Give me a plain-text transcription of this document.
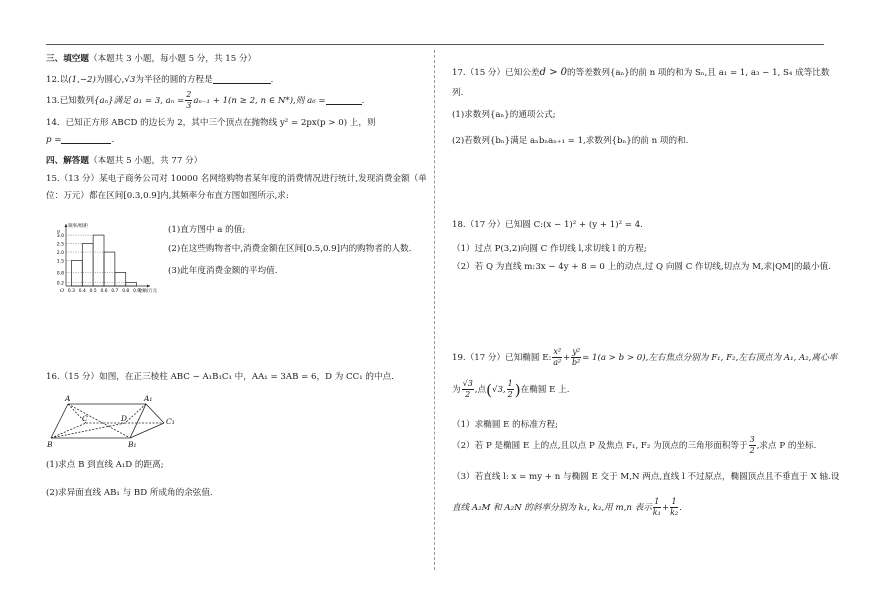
三、填空题（本题共 3 小题，每小题 5 分，共 15 分）
12.以(1,−2)为圆心,√3为半径的圆的方程是	.
13.已知数列{aₙ}满足 a₁ = 3, $a_n = \frac{2}{3} a_{n-1} + 1(n \ge 2$, n ∈ N*),则 a₆ =	.
14．已知正方形 ABCD 的边长为 2，其中三个顶点在抛物线 y² = 2px(p > 0) 上，则
p =	.
四、解答题（本题共 5 小题，共 77 分）
15.（13 分）某电子商务公司对 10000 名网络购物者某年度的消费情况进行统计,发现消费金额（单
位：万元）都在区间[0.3,0.9]内,其频率分布直方图如图所示,求:
3.0
2.5
2.0
1.5
0.8
0.2
0.3 0.4 0.5 0.6 0.7 0.8 0.9
金额/万元
频率/组距
O
a	(1)直方图中 a 的值;
(2)在这些购物者中,消费金额在区间[0.5,0.9]内的购物者的人数.
(3)此年度消费金额的平均值.
16.（15 分）如图，在正三棱柱 ABC − A₁B₁C₁ 中，AA₁ = 3AB = 6，D 为 CC₁ 的中点.
A	A₁
C	D	C₁
B	B₁
(1)求点 B 到直线 A₁D 的距离;
(2)求异面直线 AB₁ 与 BD 所成角的余弦值.
17.（15 分）已知公差d > 0的等差数列{aₙ}的前 n 项的和为 Sₙ,且 a₁ = 1, a₃ − 1, S₄ 成等比数
列.
(1)求数列{aₙ}的通项公式;
(2)若数列{bₙ}满足 aₙbₙaₙ₊₁ = 1,求数列{bₙ}的前 n 项的和.
18.（17 分）已知圆 C:(x − 1)² + (y + 1)² = 4.
（1）过点 P(3,2)向圆 C 作切线 l,求切线 l 的方程;
（2）若 Q 为直线 m:3x − 4y + 8 = 0 上的动点,过 Q 向圆 C 作切线,切点为 M,求|QM|的最小值.
19.（17 分）已知椭圆 E: $\frac{\text{x²}}{\text{a²}} + \frac{\text{y²}}{\text{b²}} = 1(a > b > 0)$,左右焦点分别为 F₁, F₂,左右顶点为 A₁, A₂,离心率
为 $\frac{√3}{2}$ ,点(√3, $\frac{1}{2}$ )在椭圆 E 上.
（1）求椭圆 E 的标准方程;
（2）若 P 是椭圆 E 上的点,且以点 P 及焦点 F₁, F₂ 为顶点的三角形面积等于 $\frac{3}{2}$ ,求点 P 的坐标.
（3）若直线 l: x = my + n 与椭圆 E 交于 M,N 两点,直线 l 不过原点，椭圆顶点且不垂直于 X 轴.设
直线 A₂M 和 A₂N 的斜率分别为 k₁, k₂,用 m,n 表示 $\frac{1}{\text{k₁}} + \frac{1}{\text{k₂}}$ .
